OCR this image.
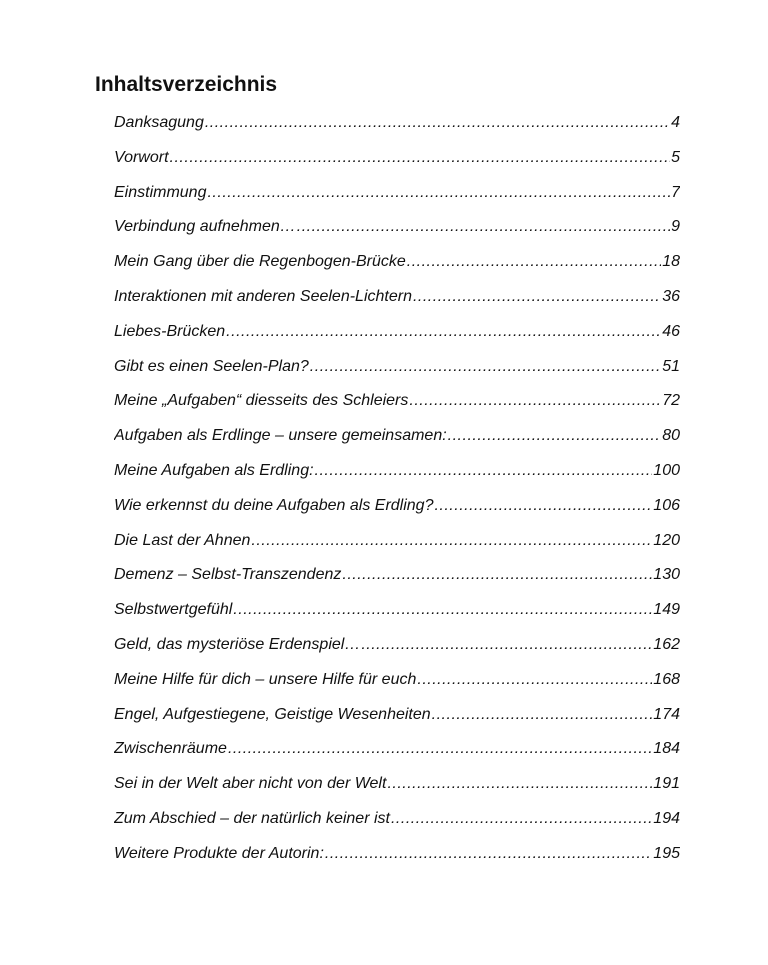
Inhaltsverzeichnis
Danksagung .....	4
Vorwort .....	5
Einstimmung .....	7
Verbindung aufnehmen… .....	9
Mein Gang über die Regenbogen-Brücke .....	18
Interaktionen mit anderen Seelen-Lichtern .....	36
Liebes-Brücken .....	46
Gibt es einen Seelen-Plan? .....	51
Meine „Aufgaben“ diesseits des Schleiers .....	72
Aufgaben als Erdlinge – unsere gemeinsamen: .....	80
Meine Aufgaben als Erdling: .....	100
Wie erkennst du deine Aufgaben als Erdling? .....	106
Die Last der Ahnen .....	120
Demenz – Selbst-Transzendenz .....	130
Selbstwertgefühl .....	149
Geld, das mysteriöse Erdenspiel… .....	162
Meine Hilfe für dich – unsere Hilfe für euch .....	168
Engel, Aufgestiegene, Geistige Wesenheiten .....	174
Zwischenräume .....	184
Sei in der Welt aber nicht von der Welt .....	191
Zum Abschied – der natürlich keiner ist .....	194
Weitere Produkte der Autorin: .....	195
